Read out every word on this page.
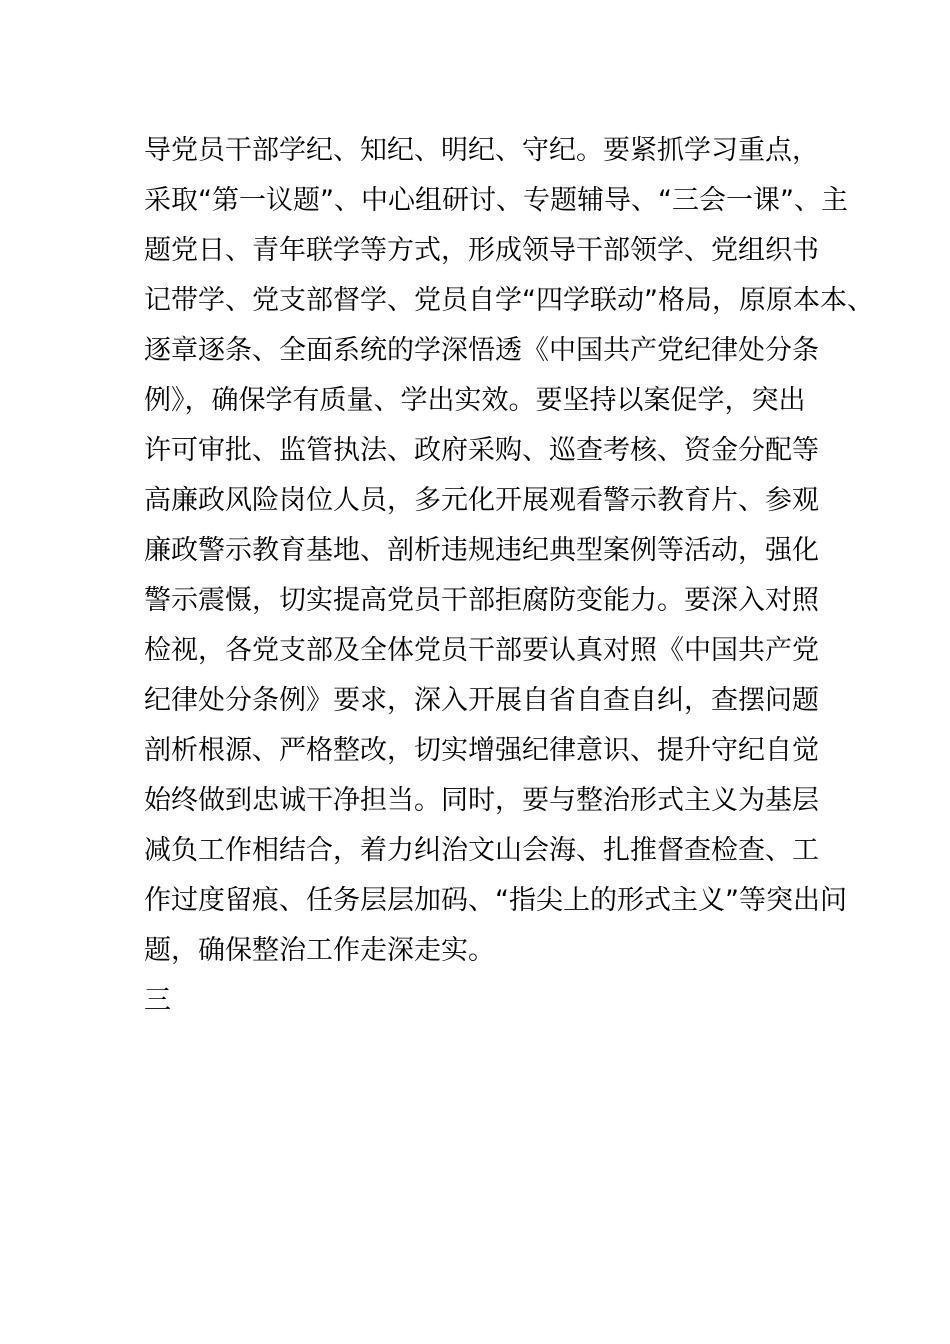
导党员干部学纪、知纪、明纪、守纪。要紧抓学习重点，
采取“第一议题”、中心组研讨、专题辅导、“三会一课”、主
题党日、青年联学等方式，形成领导干部领学、党组织书
记带学、党支部督学、党员自学“四学联动”格局，原原本本、
逐章逐条、全面系统的学深悟透《中国共产党纪律处分条
例》，确保学有质量、学出实效。要坚持以案促学，突出
许可审批、监管执法、政府采购、巡查考核、资金分配等
高廉政风险岗位人员，多元化开展观看警示教育片、参观
廉政警示教育基地、剖析违规违纪典型案例等活动，强化
警示震慑，切实提高党员干部拒腐防变能力。要深入对照
检视，各党支部及全体党员干部要认真对照《中国共产党
纪律处分条例》要求，深入开展自省自查自纠，查摆问题
剖析根源、严格整改，切实增强纪律意识、提升守纪自觉
始终做到忠诚干净担当。同时，要与整治形式主义为基层
减负工作相结合，着力纠治文山会海、扎推督查检查、工
作过度留痕、任务层层加码、“指尖上的形式主义”等突出问
题，确保整治工作走深走实。
三
